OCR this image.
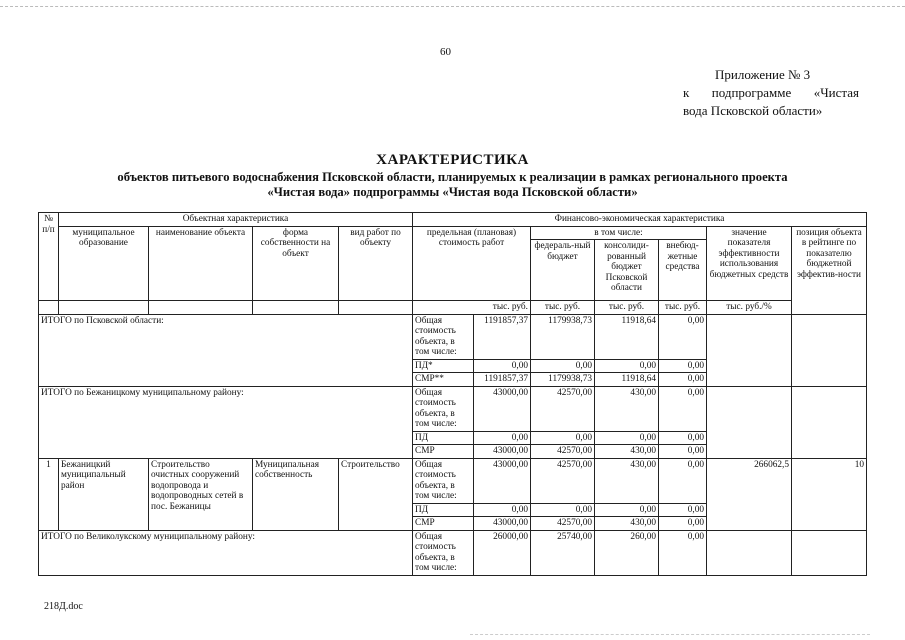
60
Приложение № 3
к подпрограмме «Чистая
вода Псковской области»
ХАРАКТЕРИСТИКА
объектов питьевого водоснабжения Псковской области, планируемых к реализации в рамках регионального проекта
«Чистая вода» подпрограммы «Чистая вода Псковской области»
№ п/п	Объектная характеристика				Финансово-экономическая характеристика						
	муниципальное образование	наименование объекта	форма собственности на объект	вид работ по объекту	предельная (плановая) стоимость работ		в том числе:			значение показателя эффективности использования бюджетных средств	позиция объекта в рейтинге по показателю бюджетной эффектив-ности
							федераль-ный бюджет	консолиди-рованный бюджет Псковской области	внебюд-жетные средства		
					тыс. руб.		тыс. руб.	тыс. руб.	тыс. руб.	тыс. руб./%	
ИТОГО по Псковской области:					Общая стоимость объекта, в том числе:	1191857,37	1179938,73	11918,64	0,00		
					ПД*	0,00	0,00	0,00	0,00		
					СМР**	1191857,37	1179938,73	11918,64	0,00		
ИТОГО по Бежаницкому муниципальному району:					Общая стоимость объекта, в том числе:	43000,00	42570,00	430,00	0,00		
					ПД	0,00	0,00	0,00	0,00		
					СМР	43000,00	42570,00	430,00	0,00		
1	Бежаницкий муниципальный район	Строительство очистных сооружений водопровода и водопроводных сетей в пос. Бежаницы	Муниципальная собственность	Строительство	Общая стоимость объекта, в том числе:	43000,00	42570,00	430,00	0,00	266062,5	10
					ПД	0,00	0,00	0,00	0,00		
					СМР	43000,00	42570,00	430,00	0,00		
ИТОГО по Великолукскому муниципальному району:					Общая стоимость объекта, в том числе:	26000,00	25740,00	260,00	0,00		
218Д.doc
